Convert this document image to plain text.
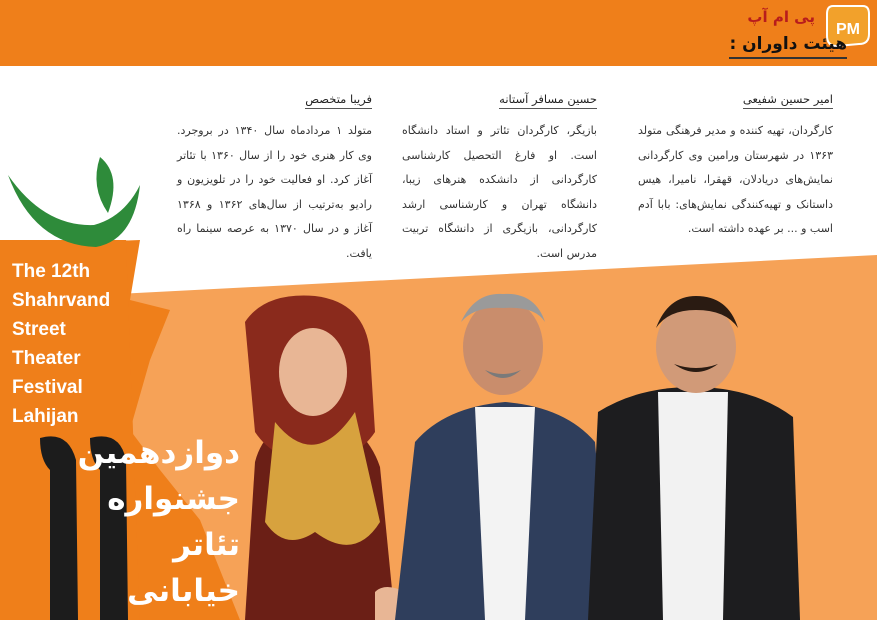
پی ام آپ
PM
هیئت داوران :
امیر حسین شفیعی

کارگردان، تهیه کننده و مدیر فرهنگی متولد ۱۳۶۳ در شهرستان ورامین وی کارگردانی نمایش‌های دریادلان، قهقرا، نامیرا، هیس داستانک و تهیه‌کنندگی نمایش‌های: بابا آدم اسب و ... بر عهده داشته است.

حسین مسافر آستانه

بازیگر، کارگردان تئاتر و استاد دانشگاه است. او فارغ التحصیل کارشناسی کارگردانی از دانشکده هنرهای زیبا، دانشگاه تهران و کارشناسی ارشد کارگردانی، بازیگری از دانشگاه تربیت مدرس است.

فریبا متخصص

متولد ۱ مردادماه سال ۱۳۴۰ در بروجرد. وی کار هنری خود را از سال ۱۳۶۰ با تئاتر آغاز کرد. او فعالیت خود را در تلویزیون و رادیو به‌ترتیب از سال‌های ۱۳۶۲ و ۱۳۶۸ آغاز و در سال ۱۳۷۰ به عرصه سینما راه یافت.

The 12th
Shahrvand
Street
Theater
Festival
Lahijan
دوازدهمین
جشنواره
تئاتر
خیابانی
